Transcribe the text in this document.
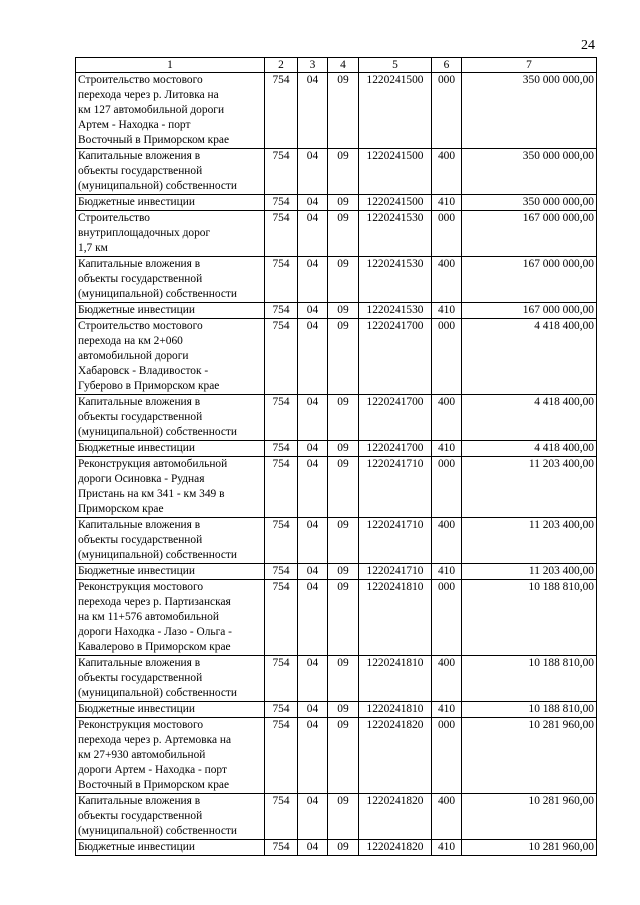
24
1	2	3	4	5	6	7

Строительство мостового
перехода через р. Литовка на
км 127 автомобильной дороги
Артем - Находка - порт
Восточный в Приморском крае	754	04	09	1220241500	000	350 000 000,00

Капитальные вложения в
объекты государственной
(муниципальной) собственности	754	04	09	1220241500	400	350 000 000,00

Бюджетные инвестиции	754	04	09	1220241500	410	350 000 000,00

Строительство
внутриплощадочных дорог
1,7 км	754	04	09	1220241530	000	167 000 000,00

Капитальные вложения в
объекты государственной
(муниципальной) собственности	754	04	09	1220241530	400	167 000 000,00

Бюджетные инвестиции	754	04	09	1220241530	410	167 000 000,00

Строительство мостового
перехода на км 2+060
автомобильной дороги
Хабаровск - Владивосток -
Губерово в Приморском крае	754	04	09	1220241700	000	4 418 400,00

Капитальные вложения в
объекты государственной
(муниципальной) собственности	754	04	09	1220241700	400	4 418 400,00

Бюджетные инвестиции	754	04	09	1220241700	410	4 418 400,00

Реконструкция автомобильной
дороги Осиновка - Рудная
Пристань на км 341 - км 349 в
Приморском крае	754	04	09	1220241710	000	11 203 400,00

Капитальные вложения в
объекты государственной
(муниципальной) собственности	754	04	09	1220241710	400	11 203 400,00

Бюджетные инвестиции	754	04	09	1220241710	410	11 203 400,00

Реконструкция мостового
перехода через р. Партизанская
на км 11+576 автомобильной
дороги Находка - Лазо - Ольга -
Кавалерово в Приморском крае	754	04	09	1220241810	000	10 188 810,00

Капитальные вложения в
объекты государственной
(муниципальной) собственности	754	04	09	1220241810	400	10 188 810,00

Бюджетные инвестиции	754	04	09	1220241810	410	10 188 810,00

Реконструкция мостового
перехода через р. Артемовка на
км 27+930 автомобильной
дороги Артем - Находка - порт
Восточный в Приморском крае	754	04	09	1220241820	000	10 281 960,00

Капитальные вложения в
объекты государственной
(муниципальной) собственности	754	04	09	1220241820	400	10 281 960,00

Бюджетные инвестиции	754	04	09	1220241820	410	10 281 960,00
